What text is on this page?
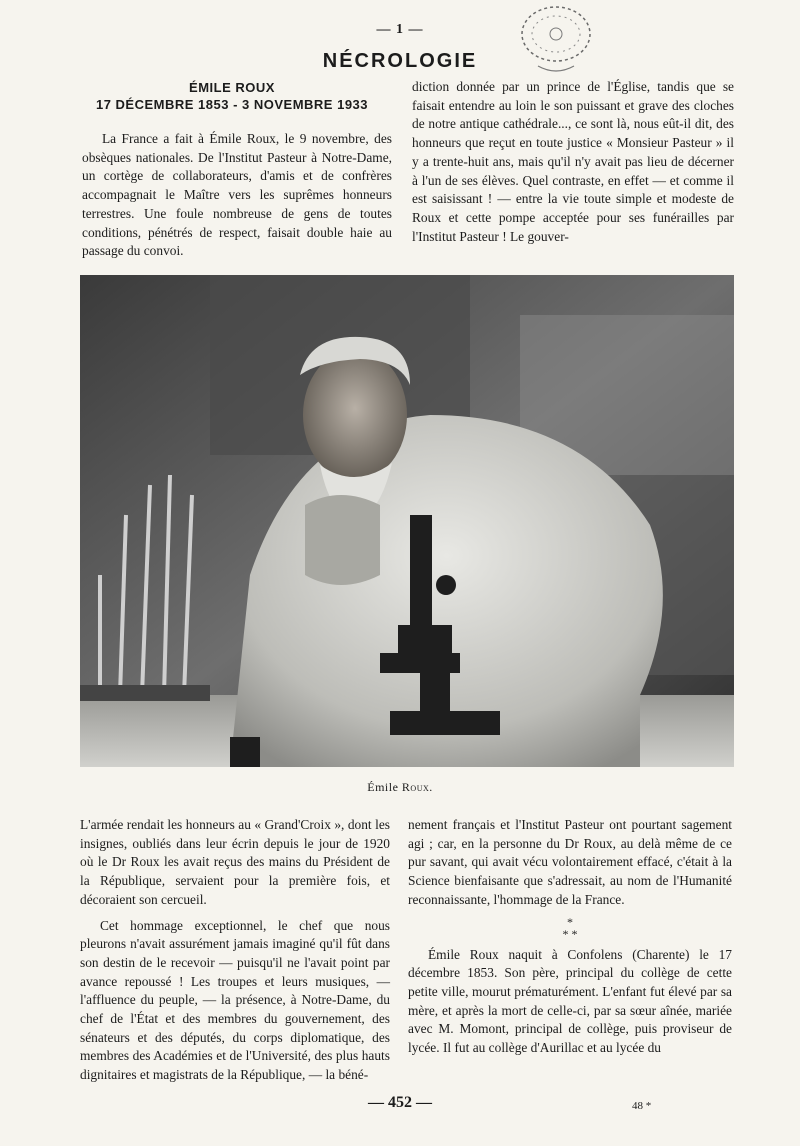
— 1 —
NÉCROLOGIE
ÉMILE ROUX
17 DÉCEMBRE 1853 - 3 NOVEMBRE 1933

La France a fait à Émile Roux, le 9 novembre, des obsèques nationales. De l'Institut Pasteur à Notre-Dame, un cortège de collaborateurs, d'amis et de confrères accompagnait le Maître vers les suprêmes honneurs terrestres. Une foule nombreuse de gens de toutes conditions, pénétrés de respect, faisait double haie au passage du convoi.

diction donnée par un prince de l'Église, tandis que se faisait entendre au loin le son puissant et grave des cloches de notre antique cathédrale..., ce sont là, nous eût-il dit, des honneurs que reçut en toute justice « Monsieur Pasteur » il y a trente-huit ans, mais qu'il n'y avait pas lieu de décerner à l'un de ses élèves. Quel contraste, en effet — et comme il est saisissant ! — entre la vie toute simple et modeste de Roux et cette pompe acceptée pour ses funérailles par l'Institut Pasteur ! Le gouver-

Émile Roux.

L'armée rendait les honneurs au « Grand'Croix », dont les insignes, oubliés dans leur écrin depuis le jour de 1920 où le Dr Roux les avait reçus des mains du Président de la République, servaient pour la première fois, et décoraient son cercueil.

Cet hommage exceptionnel, le chef que nous pleurons n'avait assurément jamais imaginé qu'il fût dans son destin de le recevoir — puisqu'il ne l'avait point par avance repoussé ! Les troupes et leurs musiques, — l'affluence du peuple, — la présence, à Notre-Dame, du chef de l'État et des membres du gouvernement, des sénateurs et des députés, du corps diplomatique, des membres des Académies et de l'Université, des plus hauts dignitaires et magistrats de la République, — la béné-

nement français et l'Institut Pasteur ont pourtant sagement agi ; car, en la personne du Dr Roux, au delà même de ce pur savant, qui avait vécu volontairement effacé, c'était à la Science bienfaisante que s'adressait, au nom de l'Humanité reconnaissante, l'hommage de la France.

*
* *

Émile Roux naquit à Confolens (Charente) le 17 décembre 1853. Son père, principal du collège de cette petite ville, mourut prématurément. L'enfant fut élevé par sa mère, et après la mort de celle-ci, par sa sœur aînée, mariée avec M. Momont, principal de collège, puis proviseur de lycée. Il fut au collège d'Aurillac et au lycée du

— 452 —	48 *
